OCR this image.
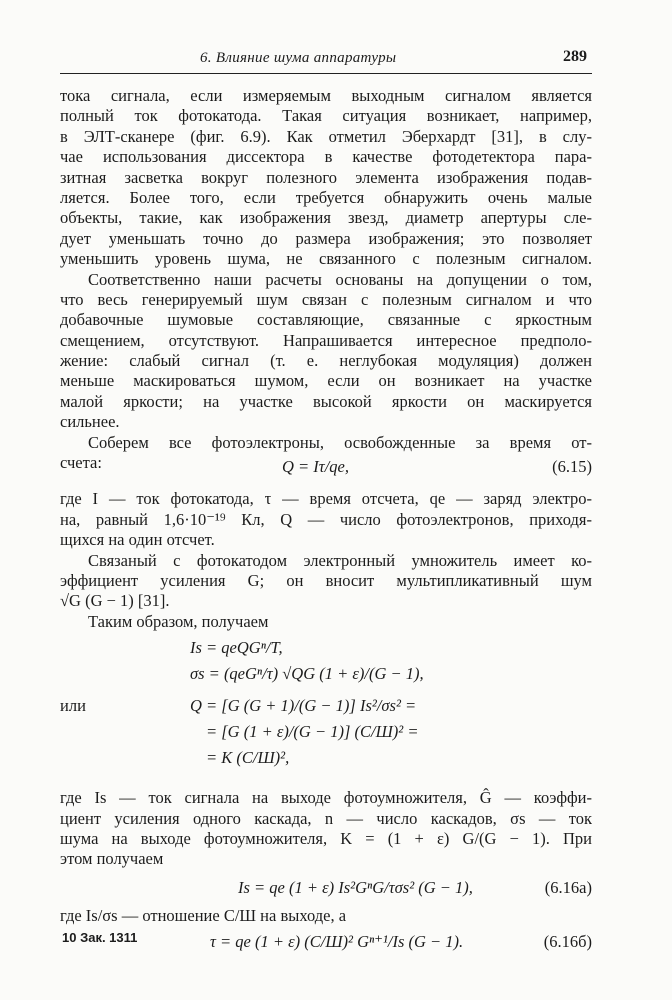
6. Влияние шума аппаратуры	289
тока сигнала, если измеряемым выходным сигналом является
полный ток фотокатода. Такая ситуация возникает, например,
в ЭЛТ-сканере (фиг. 6.9). Как отметил Эберхардт [31], в слу-
чае использования диссектора в качестве фотодетектора пара-
зитная засветка вокруг полезного элемента изображения подав-
ляется. Более того, если требуется обнаружить очень малые
объекты, такие, как изображения звезд, диаметр апертуры сле-
дует уменьшать точно до размера изображения; это позволяет
уменьшить уровень шума, не связанного с полезным сигналом.
Соответственно наши расчеты основаны на допущении о том,
что весь генерируемый шум связан с полезным сигналом и что
добавочные шумовые составляющие, связанные с яркостным
смещением, отсутствуют. Напрашивается интересное предполо-
жение: слабый сигнал (т. е. неглубокая модуляция) должен
меньше маскироваться шумом, если он возникает на участке
малой яркости; на участке высокой яркости он маскируется
сильнее.
Соберем все фотоэлектроны, освобожденные за время от-
счета:	Q = Iτ/qe,	(6.15)
где I — ток фотокатода, τ — время отсчета, qe — заряд электро-
на, равный 1,6·10⁻¹⁹ Кл, Q — число фотоэлектронов, приходя-
щихся на один отсчет.
Связаный с фотокатодом электронный умножитель имеет ко-
эффициент усиления G; он вносит мультипликативный шум
√G (G − 1) [31].
Таким образом, получаем
Is = qeQGⁿ/T,
σs = (qeGⁿ/τ) √QG (1 + ε)/(G − 1),
или	Q = [G (G + 1)/(G − 1)] Is²/σs² =
= [G (1 + ε)/(G − 1)] (С/Ш)² =
= K (С/Ш)²,
где Is — ток сигнала на выходе фотоумножителя, Ĝ — коэффи-
циент усиления одного каскада, n — число каскадов, σs — ток
шума на выходе фотоумножителя, K = (1 + ε) G/(G − 1). При
этом получаем
Is = qe (1 + ε) Is²GⁿG/τσs² (G − 1),	(6.16a)
где Is/σs — отношение С/Ш на выходе, а
τ = qe (1 + ε) (С/Ш)² Gⁿ⁺¹/Is (G − 1).	(6.16б)
10 Зак. 1311
